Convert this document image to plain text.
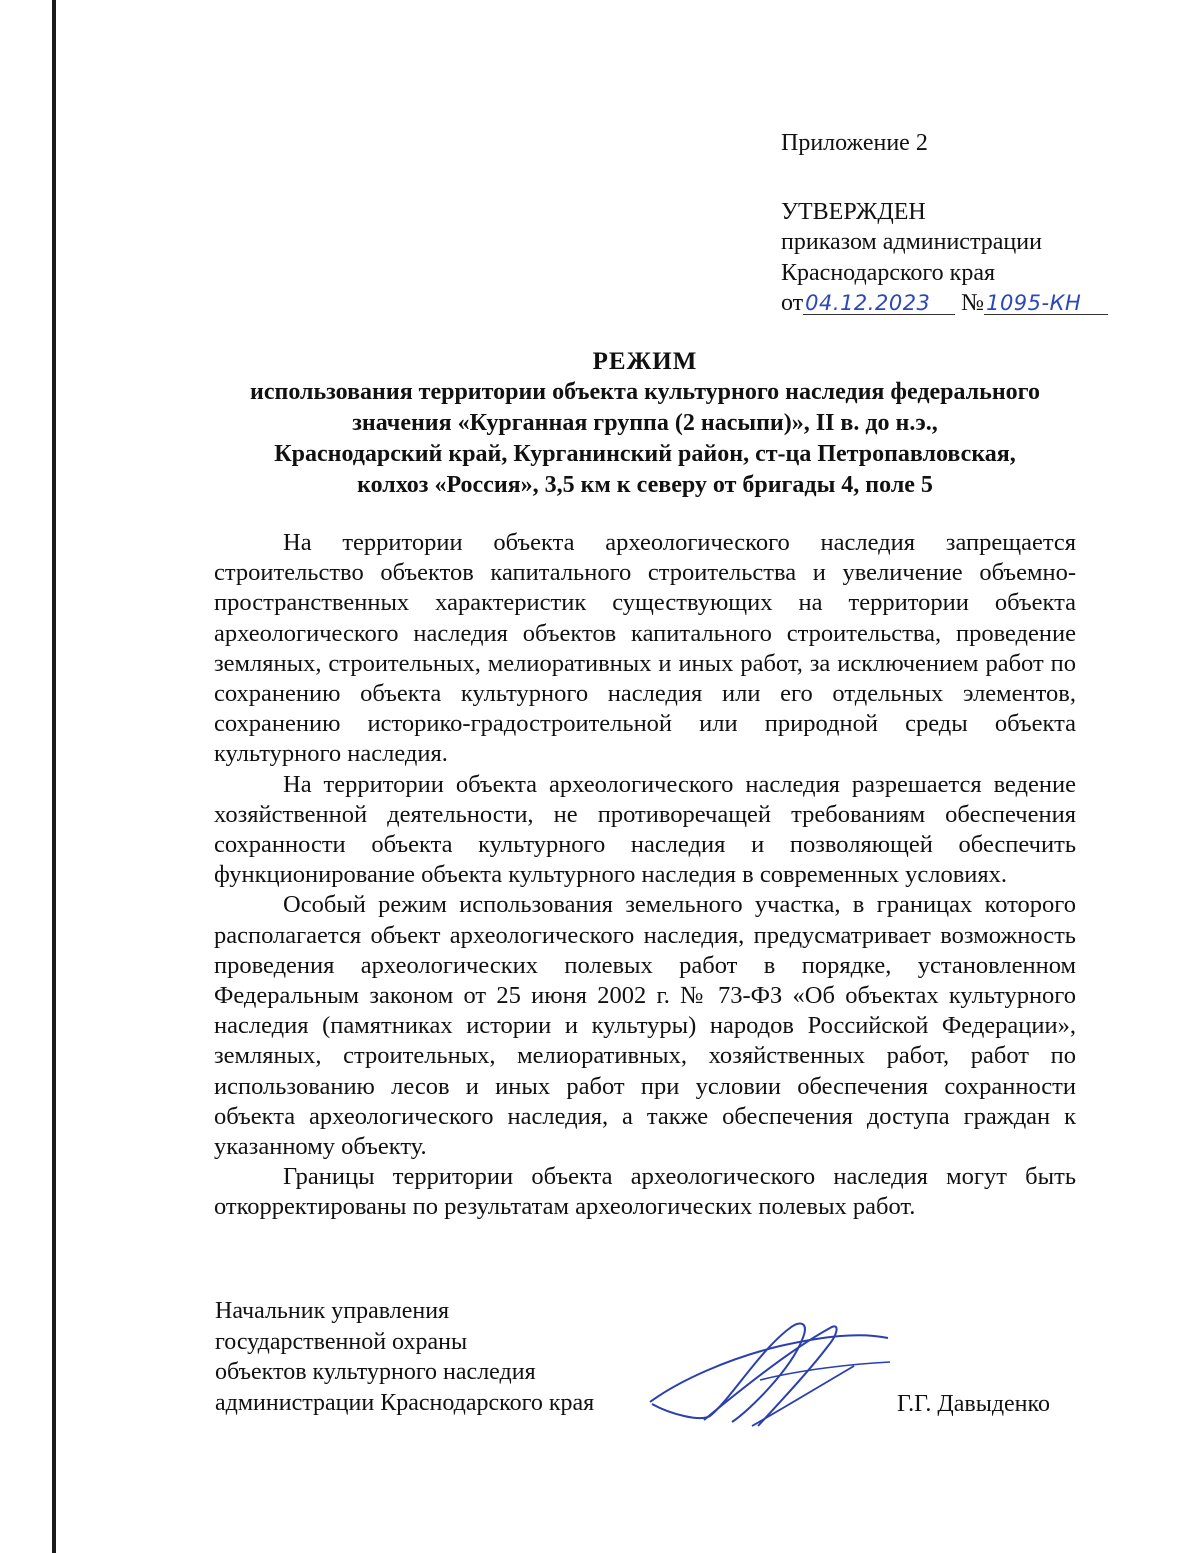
Приложение 2
УТВЕРЖДЕН
приказом администрации
Краснодарского края
от04.12.2023 №1095-КН
РЕЖИМ
использования территории объекта культурного наследия федерального
значения «Курганная группа (2 насыпи)», II в. до н.э.,
Краснодарский край, Курганинский район, ст-ца Петропавловская,
колхоз «Россия», 3,5 км к северу от бригады 4, поле 5

На территории объекта археологического наследия запрещается строительство объектов капитального строительства и увеличение объемно-пространственных характеристик существующих на территории объекта археологического наследия объектов капитального строительства, проведение земляных, строительных, мелиоративных и иных работ, за исключением работ по сохранению объекта культурного наследия или его отдельных элементов, сохранению историко-градостроительной или природной среды объекта культурного наследия.

На территории объекта археологического наследия разрешается ведение хозяйственной деятельности, не противоречащей требованиям обеспечения сохранности объекта культурного наследия и позволяющей обеспечить функционирование объекта культурного наследия в современных условиях.

Особый режим использования земельного участка, в границах которого располагается объект археологического наследия, предусматривает возможность проведения археологических полевых работ в порядке, установленном Федеральным законом от 25 июня 2002 г. № 73-ФЗ «Об объектах культурного наследия (памятниках истории и культуры) народов Российской Федерации», земляных, строительных, мелиоративных, хозяйственных работ, работ по использованию лесов и иных работ при условии обеспечения сохранности объекта археологического наследия, а также обеспечения доступа граждан к указанному объекту.

Границы территории объекта археологического наследия могут быть откорректированы по результатам археологических полевых работ.

Начальник управления
государственной охраны
объектов культурного наследия
администрации Краснодарского края	Г.Г. Давыденко
